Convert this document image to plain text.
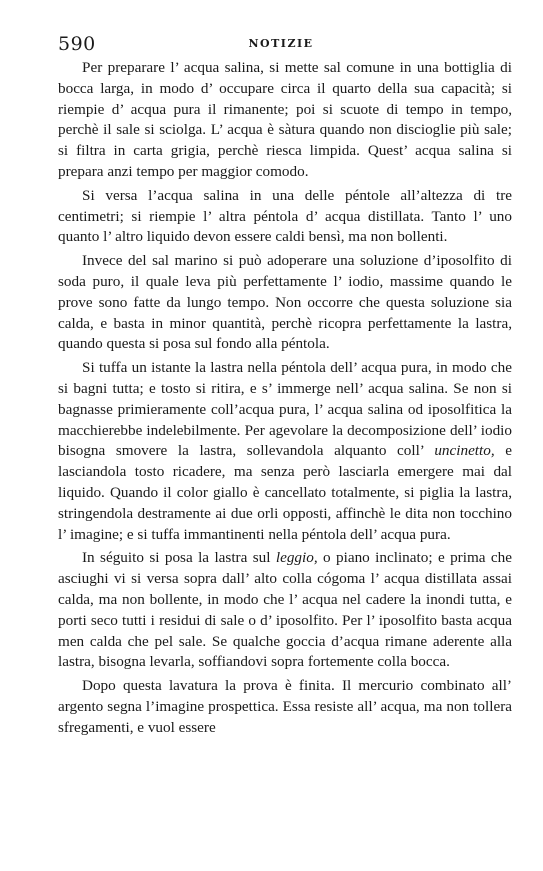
590	NOTIZIE

Per preparare l’ acqua salina, si mette sal comune in una bottiglia di bocca larga, in modo d’ occupare circa il quarto della sua capacità; si riempie d’ acqua pura il rimanente; poi si scuote di tempo in tempo, perchè il sale si sciolga. L’ acqua è sàtura quando non discioglie più sale; si filtra in carta grigia, perchè riesca limpida. Quest’ acqua salina si prepara anzi tempo per maggior comodo.

Si versa l’acqua salina in una delle péntole all’altezza di tre centimetri; si riempie l’ altra péntola d’ acqua distillata. Tanto l’ uno quanto l’ altro liquido devon essere caldi bensì, ma non bollenti.

Invece del sal marino si può adoperare una soluzione d’iposolfito di soda puro, il quale leva più perfettamente l’ iodio, massime quando le prove sono fatte da lungo tempo. Non occorre che questa soluzione sia calda, e basta in minor quantità, perchè ricopra perfettamente la lastra, quando questa si posa sul fondo alla péntola.

Si tuffa un istante la lastra nella péntola dell’ acqua pura, in modo che si bagni tutta; e tosto si ritira, e s’ immerge nell’ acqua salina. Se non si bagnasse primieramente coll’acqua pura, l’ acqua salina od iposolfitica la macchierebbe indelebilmente. Per agevolare la decomposizione dell’ iodio bisogna smovere la lastra, sollevandola alquanto coll’ uncinetto, e lasciandola tosto ricadere, ma senza però lasciarla emergere mai dal liquido. Quando il color giallo è cancellato totalmente, si piglia la lastra, stringendola destramente ai due orli opposti, affinchè le dita non tocchino l’ imagine; e si tuffa immantinenti nella péntola dell’ acqua pura.

In séguito si posa la lastra sul leggio, o piano inclinato; e prima che asciughi vi si versa sopra dall’ alto colla cógoma l’ acqua distillata assai calda, ma non bollente, in modo che l’ acqua nel cadere la inondi tutta, e porti seco tutti i residui di sale o d’ iposolfito. Per l’ iposolfito basta acqua men calda che pel sale. Se qualche goccia d’acqua rimane aderente alla lastra, bisogna levarla, soffiandovi sopra fortemente colla bocca.

Dopo questa lavatura la prova è finita. Il mercurio combinato all’ argento segna l’imagine prospettica. Essa resiste all’ acqua, ma non tollera sfregamenti, e vuol essere
